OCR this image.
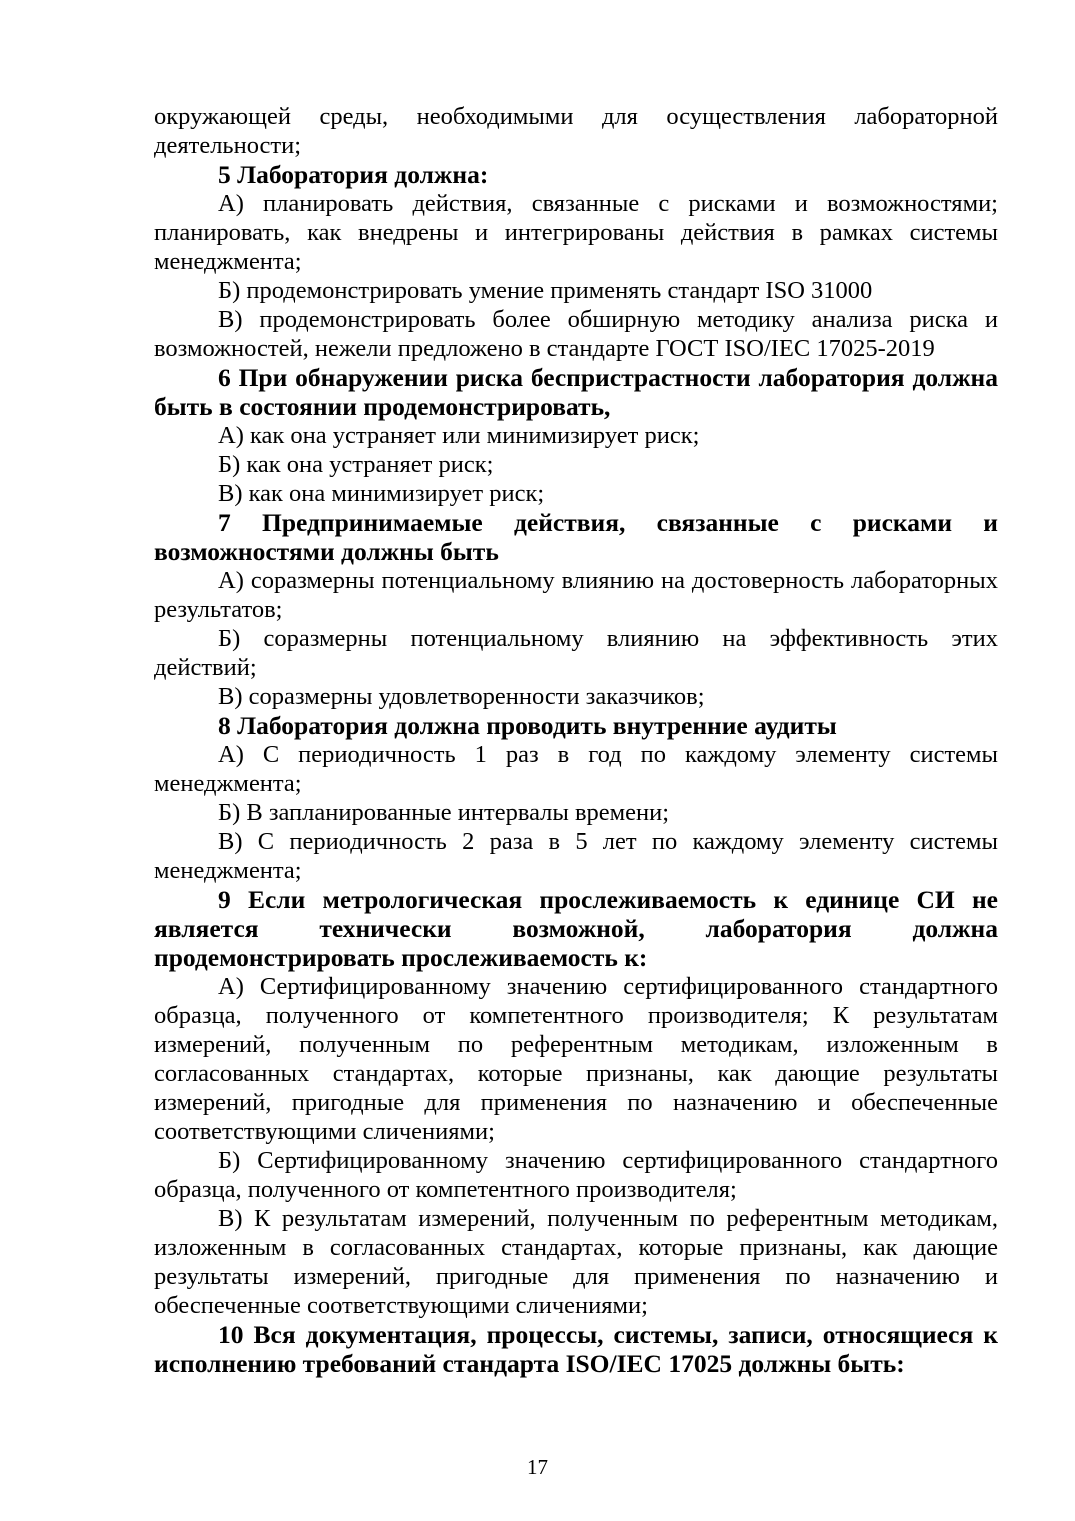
окружающей среды, необходимыми для осуществления лабораторной деятельности;

5 Лаборатория должна:

А) планировать действия, связанные с рисками и возможностями; планировать, как внедрены и интегрированы действия в рамках системы менеджмента;

Б) продемонстрировать умение применять стандарт ISO 31000

В) продемонстрировать более обширную методику анализа риска и возможностей, нежели предложено в стандарте ГОСТ ISO/IEC 17025-2019

6 При обнаружении риска беспристрастности лаборатория должна быть в состоянии продемонстрировать,

А) как она устраняет или минимизирует риск;

Б) как она устраняет риск;

В) как она минимизирует риск;

7 Предпринимаемые действия, связанные с рисками и возможностями должны быть

А) соразмерны потенциальному влиянию на достоверность лабораторных результатов;

Б) соразмерны потенциальному влиянию на эффективность этих действий;

В) соразмерны удовлетворенности заказчиков;

8 Лаборатория должна проводить внутренние аудиты

А) С периодичность 1 раз в год по каждому элементу системы менеджмента;

Б) В запланированные интервалы времени;

В) С периодичность 2 раза в 5 лет по каждому элементу системы менеджмента;

9 Если метрологическая прослеживаемость к единице СИ не является технически возможной, лаборатория должна продемонстрировать прослеживаемость к:

А) Сертифицированному значению сертифицированного стандартного образца, полученного от компетентного производителя; К результатам измерений, полученным по референтным методикам, изложенным в согласованных стандартах, которые признаны, как дающие результаты измерений, пригодные для применения по назначению и обеспеченные соответствующими сличениями;

Б) Сертифицированному значению сертифицированного стандартного образца, полученного от компетентного производителя;

В) К результатам измерений, полученным по референтным методикам, изложенным в согласованных стандартах, которые признаны, как дающие результаты измерений, пригодные для применения по назначению и обеспеченные соответствующими сличениями;

10 Вся документация, процессы, системы, записи, относящиеся к исполнению требований стандарта ISO/IEC 17025 должны быть:

17
